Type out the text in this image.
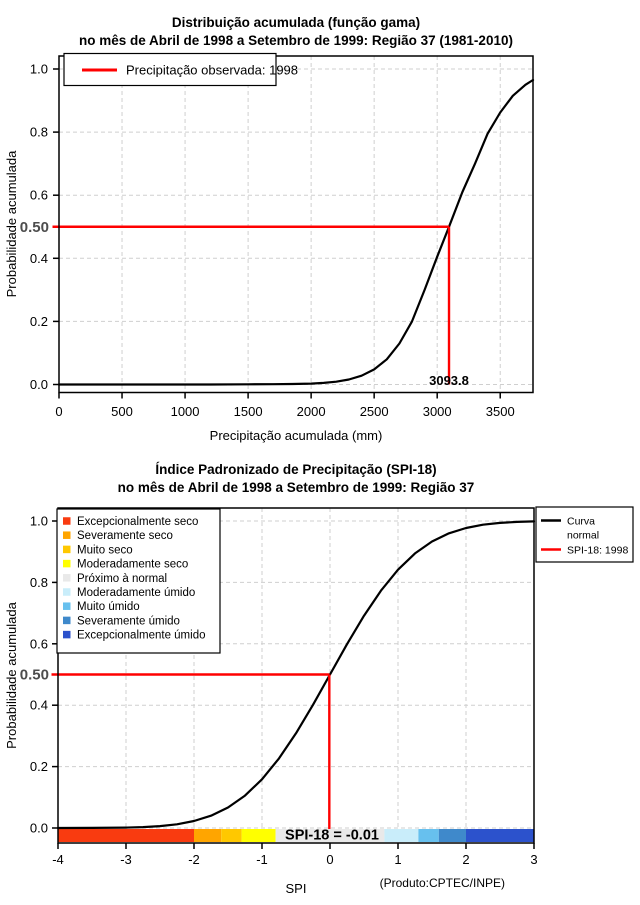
0	500	1000	1500	2000	2500	3000	3500
0.0
0.2
0.4
0.6
0.8
1.0
0.50
-4	-3	-2	-1	0	1	2	3
0.0
0.2
0.4
0.6
0.8
1.0
0.50
Distribuição acumulada (função gama)
no mês de Abril de 1998 a Setembro de 1999: Região 37 (1981-2010)
Precipitação acumulada (mm)
Probabilidade acumulada
Precipitação observada: 1998
3093.8
Índice Padronizado de Precipitação (SPI-18)
no mês de Abril de 1998 a Setembro de 1999: Região 37
SPI
Probabilidade acumulada
(Produto:CPTEC/INPE)
Excepcionalmente seco
Severamente seco
Muito seco
Moderadamente seco
Próximo à normal
Moderadamente úmido
Muito úmido
Severamente úmido
Excepcionalmente úmido
Curva
normal
SPI-18: 1998
SPI-18 = -0.01
